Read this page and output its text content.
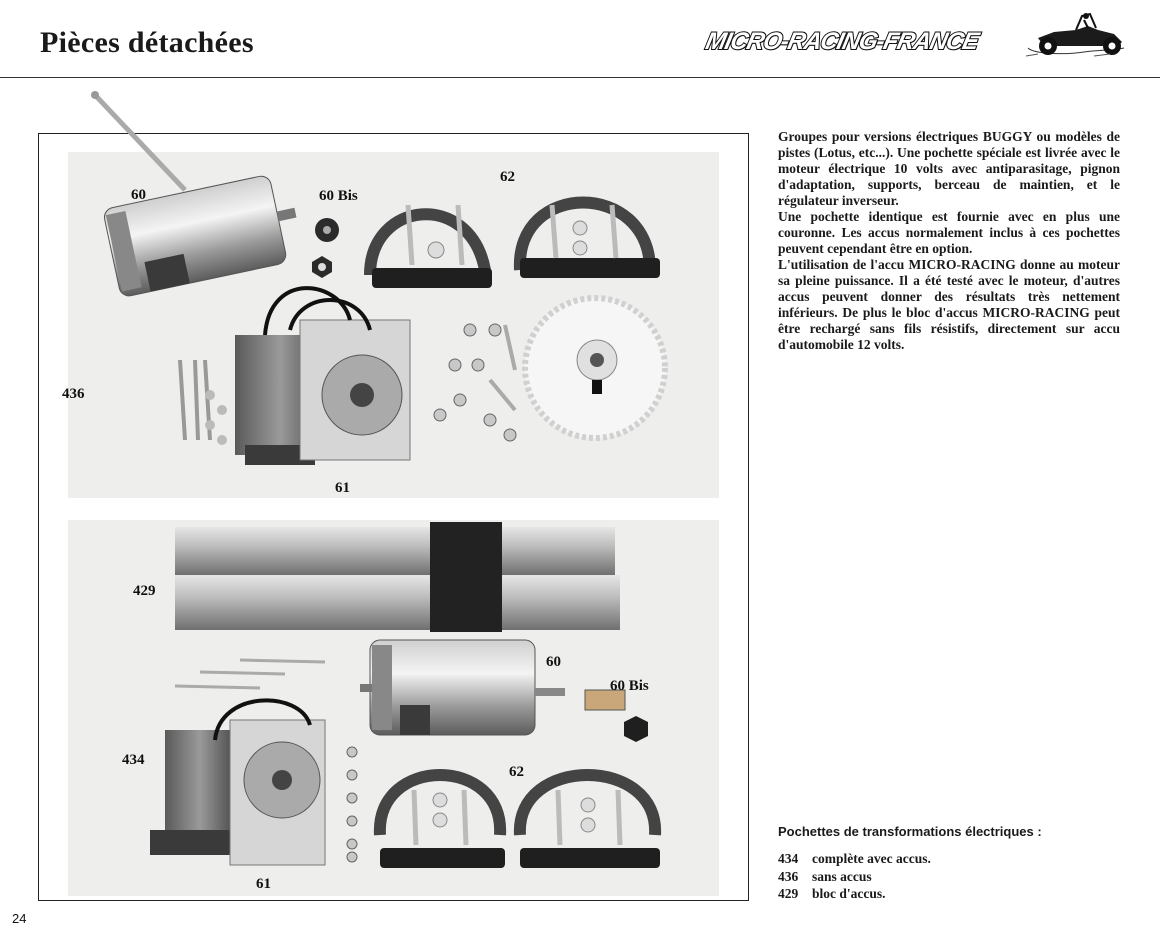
Pièces détachées	MICRO-RACING-FRANCE
60	60 Bis
62
436
61
429
60
60 Bis
434
62
61

Groupes pour versions électriques BUGGY ou modèles de pistes (Lotus, etc...). Une pochette spéciale est livrée avec le moteur électrique 10 volts avec antiparasitage, pignon d'adaptation, supports, berceau de maintien, et le régulateur inverseur.

Une pochette identique est fournie avec en plus une couronne. Les accus normalement inclus à ces pochettes peuvent cependant être en option.

L'utilisation de l'accu MICRO-RACING donne au moteur sa pleine puissance. Il a été testé avec le moteur, d'autres accus peuvent donner des résultats très nettement inférieurs. De plus le bloc d'accus MICRO-RACING peut être rechargé sans fils résistifs, directement sur accu d'automobile 12 volts.

Pochettes de transformations électriques :
434 complète avec accus.
436 sans accus
429 bloc d'accus.
24
